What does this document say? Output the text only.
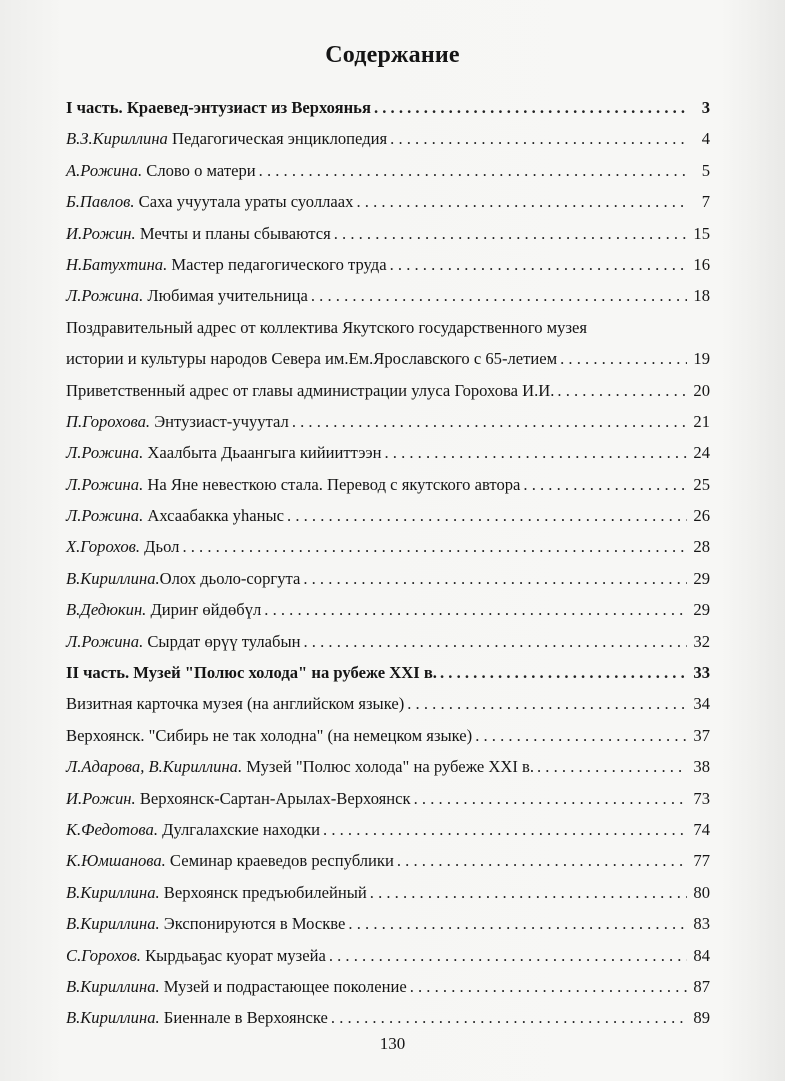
Содержание
I часть. Краевед-энтузиаст из Верхоянья . . .	3
В.З.Кириллина Педагогическая энциклопедия . . .	4
А.Рожина. Слово о матери . . .	5
Б.Павлов. Саха учуутала ураты суоллаах . . .	7
И.Рожин. Мечты и планы сбываются . . .	15
Н.Батухтина. Мастер педагогического труда . . .	16
Л.Рожина. Любимая учительница . . .	18
Поздравительный адрес от коллектива Якутского государственного музея
истории и культуры народов Севера им.Ем.Ярославского с 65-летием . . .	19
Приветственный адрес от главы администрации улуса Горохова И.И. . . .	20
П.Горохова. Энтузиаст-учуутал . . .	21
Л.Рожина. Хаалбыта Дьаангыга кийииттээн . . .	24
Л.Рожина. На Яне невесткою стала. Перевод с якутского автора . . .	25
Л.Рожина. Ахсаабакка уһаныс . . .	26
Х.Горохов. Дьол . . .	28
В.Кириллина.Олох дьоло-соргута . . .	29
В.Дедюкин. Дириҥ өйдөбүл . . .	29
Л.Рожина. Сырдат өрүү тулабын . . .	32
II часть. Музей "Полюс холода" на рубеже XXI в. . . .	33
Визитная карточка музея (на английском языке) . . .	34
Верхоянск. "Сибирь не так холодна" (на немецком языке) . . .	37
Л.Адарова, В.Кириллина. Музей "Полюс холода" на рубеже XXI в. . . .	38
И.Рожин. Верхоянск-Сартан-Арылах-Верхоянск . . .	73
К.Федотова. Дулгалахские находки . . .	74
К.Юмшанова. Семинар краеведов республики . . .	77
В.Кириллина. Верхоянск предъюбилейный . . .	80
В.Кириллина. Экспонируются в Москве . . .	83
С.Горохов. Кырдьаҕас куорат музейа . . .	84
В.Кириллина. Музей и подрастающее поколение . . .	87
В.Кириллина. Биеннале в Верхоянске . . .	89
130
